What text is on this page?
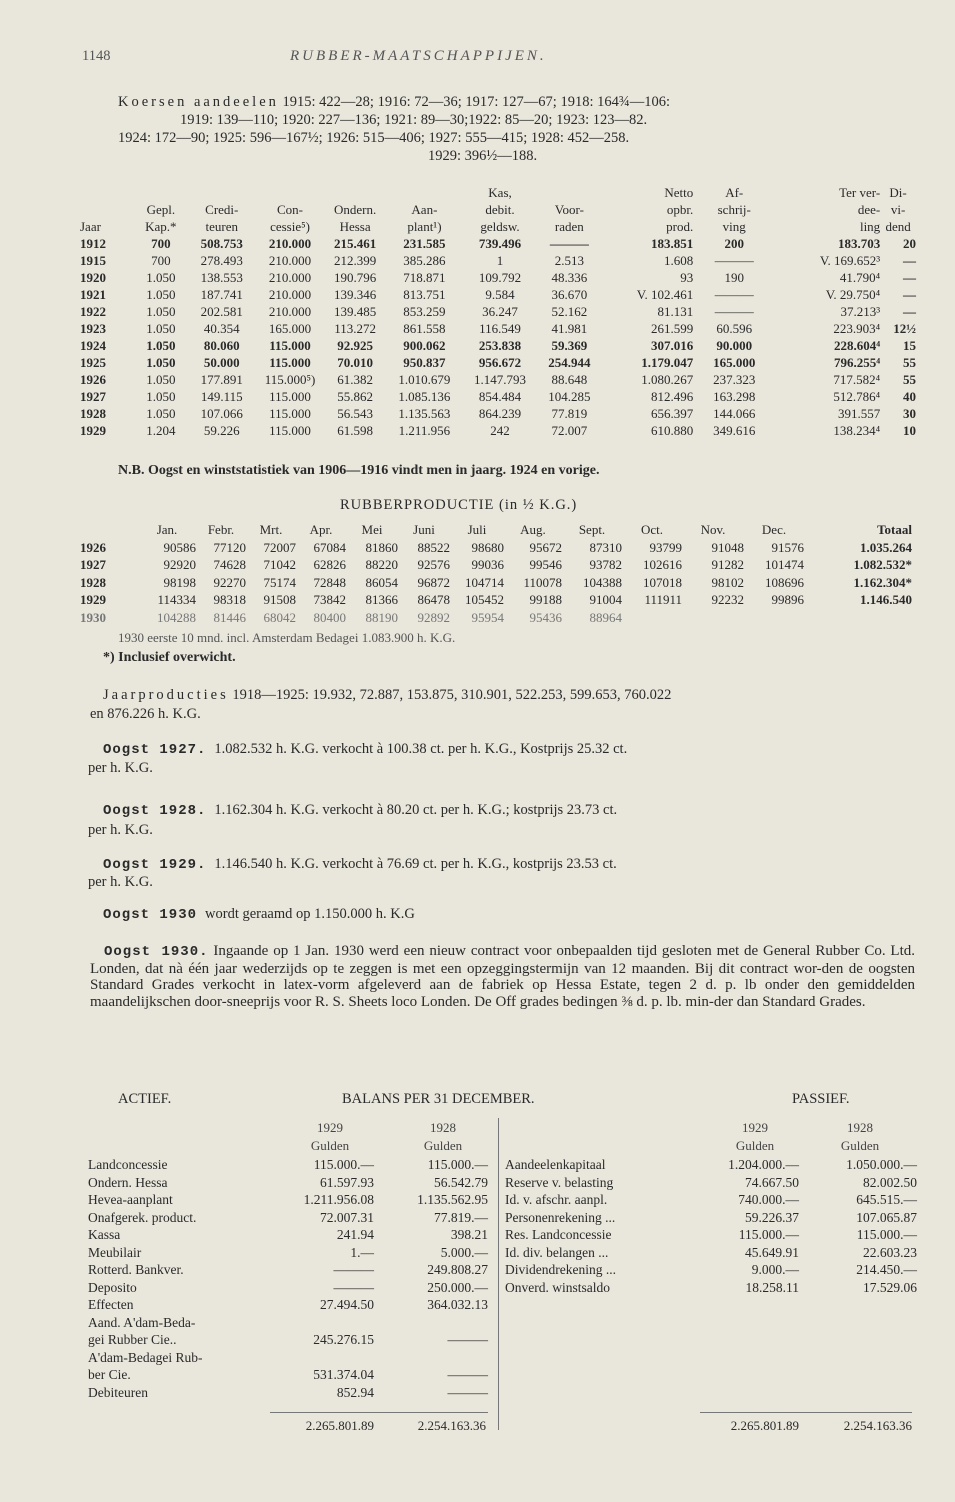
1148	RUBBER-MAATSCHAPPIJEN.
Koersen aandeelen 1915: 422—28; 1916: 72—36; 1917: 127—67; 1918: 164¾—106:
1919: 139—110; 1920: 227—136; 1921: 89—30;1922: 85—20; 1923: 123—82.
1924: 172—90; 1925: 596—167½; 1926: 515—406; 1927: 555—415; 1928: 452—258.
1929: 396½—188.
						Kas,		Netto	Af-	Ter ver-	Di-
	Gepl.	Credi-	Con-	Ondern.	Aan-	debit.	Voor-	opbr.	schrij-	dee-	vi-
Jaar	Kap.*	teuren	cessie⁵)	Hessa	plant¹)	geldsw.	raden	prod.	ving	ling	dend
1912	700	508.753	210.000	215.461	231.585	739.496	———	183.851	200	183.703	20
1915	700	278.493	210.000	212.399	385.286	1	2.513	1.608	———	V. 169.652³	—
1920	1.050	138.553	210.000	190.796	718.871	109.792	48.336	93	190	41.790⁴	—
1921	1.050	187.741	210.000	139.346	813.751	9.584	36.670	V. 102.461	———	V. 29.750⁴	—
1922	1.050	202.581	210.000	139.485	853.259	36.247	52.162	81.131	———	37.213³	—
1923	1.050	40.354	165.000	113.272	861.558	116.549	41.981	261.599	60.596	223.903⁴	12½
1924	1.050	80.060	115.000	92.925	900.062	253.838	59.369	307.016	90.000	228.604⁴	15
1925	1.050	50.000	115.000	70.010	950.837	956.672	254.944	1.179.047	165.000	796.255⁴	55
1926	1.050	177.891	115.000⁵)	61.382	1.010.679	1.147.793	88.648	1.080.267	237.323	717.582⁴	55
1927	1.050	149.115	115.000	55.862	1.085.136	854.484	104.285	812.496	163.298	512.786⁴	40
1928	1.050	107.066	115.000	56.543	1.135.563	864.239	77.819	656.397	144.066	391.557	30
1929	1.204	59.226	115.000	61.598	1.211.956	242	72.007	610.880	349.616	138.234⁴	10
N.B. Oogst en winststatistiek van 1906—1916 vindt men in jaarg. 1924 en vorige.
RUBBERPRODUCTIE (in ½ K.G.)
	Jan.	Febr.	Mrt.	Apr.	Mei	Juni	Juli	Aug.	Sept.	Oct.	Nov.	Dec.	Totaal
1926	90586	77120	72007	67084	81860	88522	98680	95672	87310	93799	91048	91576	1.035.264
1927	92920	74628	71042	62826	88220	92576	99036	99546	93782	102616	91282	101474	1.082.532*
1928	98198	92270	75174	72848	86054	96872	104714	110078	104388	107018	98102	108696	1.162.304*
1929	114334	98318	91508	73842	81366	86478	105452	99188	91004	111911	92232	99896	1.146.540
1930	104288	81446	68042	80400	88190	92892	95954	95436	88964				
1930 eerste 10 mnd. incl. Amsterdam Bedagei 1.083.900 h. K.G.
*) Inclusief overwicht.
Jaarproducties 1918—1925: 19.932, 72.887, 153.875, 310.901, 522.253, 599.653, 760.022
en 876.226 h. K.G.
Oogst 1927. 1.082.532 h. K.G. verkocht à 100.38 ct. per h. K.G., Kostprijs 25.32 ct.
per h. K.G.
Oogst 1928. 1.162.304 h. K.G. verkocht à 80.20 ct. per h. K.G.; kostprijs 23.73 ct.
per h. K.G.
Oogst 1929. 1.146.540 h. K.G. verkocht à 76.69 ct. per h. K.G., kostprijs 23.53 ct.
per h. K.G.
Oogst 1930 wordt geraamd op 1.150.000 h. K.G
Oogst 1930. Ingaande op 1 Jan. 1930 werd een nieuw contract voor onbepaalden tijd gesloten met de General Rubber Co. Ltd. Londen, dat nà één jaar wederzijds op te zeggen is met een opzeggingstermijn van 12 maanden. Bij dit contract wor-den de oogsten Standard Grades verkocht in latex-vorm afgeleverd aan de fabriek op Hessa Estate, tegen 2 d. p. lb onder den gemiddelden maandelijkschen door-sneeprijs voor R. S. Sheets loco Londen. De Off grades bedingen ⅜ d. p. lb. min-der dan Standard Grades.
ACTIEF.	BALANS PER 31 DECEMBER.	PASSIEF.
1929	1928
Gulden	Gulden
1929	1928
Gulden	Gulden
Landconcessie	115.000.—	115.000.—
Ondern. Hessa	61.597.93	56.542.79
Hevea-aanplant	1.211.956.08	1.135.562.95
Onafgerek. product.	72.007.31	77.819.—
Kassa	241.94	398.21
Meubilair	1.—	5.000.—
Rotterd. Bankver.	———	249.808.27
Deposito	———	250.000.—
Effecten	27.494.50	364.032.13
Aand. A'dam-Beda-		
gei Rubber Cie..	245.276.15	———
A'dam-Bedagei Rub-		
ber Cie.	531.374.04	———
Debiteuren	852.94	———
Aandeelenkapitaal	1.204.000.—	1.050.000.—
Reserve v. belasting	74.667.50	82.002.50
Id. v. afschr. aanpl.	740.000.—	645.515.—
Personenrekening ...	59.226.37	107.065.87
Res. Landconcessie	115.000.—	115.000.—
Id. div. belangen ...	45.649.91	22.603.23
Dividendrekening ...	9.000.—	214.450.—
Onverd. winstsaldo	18.258.11	17.529.06
2.265.801.89	2.254.163.36	2.265.801.89	2.254.163.36
